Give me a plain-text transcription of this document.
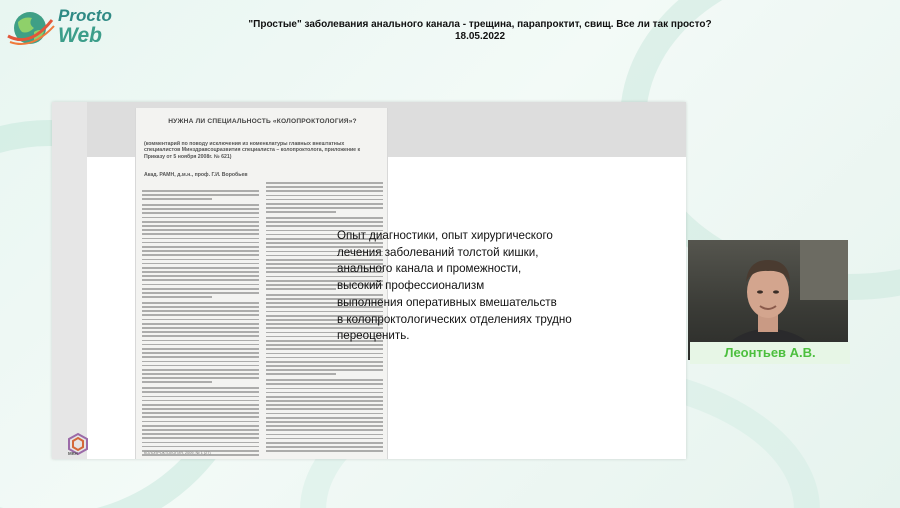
Procto
Web	"Простые" заболевания анального канала - трещина, парапроктит, свищ. Все ли так просто?
18.05.2022
НУЖНА ЛИ СПЕЦИАЛЬНОСТЬ «КОЛОПРОКТОЛОГИЯ»?
(комментарий по поводу исключения из номенклатуры главных внештатных специалистов Минздравсоцразвития специалиста – колопроктолога, приложение к Приказу от 5 ноября 2008г. № 621)
Акад. РАМН, д.м.н., проф. Г.И. Воробьев
КОЛОПРОКТОЛОГИЯ, 2009, № 1 (27)
МКН
Опыт диагностики, опыт хирургического
лечения заболеваний толстой кишки,
анального канала и промежности,
высокий профессионализм
выполнения оперативных вмешательств
в колопроктологических отделениях трудно
переоценить.
Леонтьев А.В.
